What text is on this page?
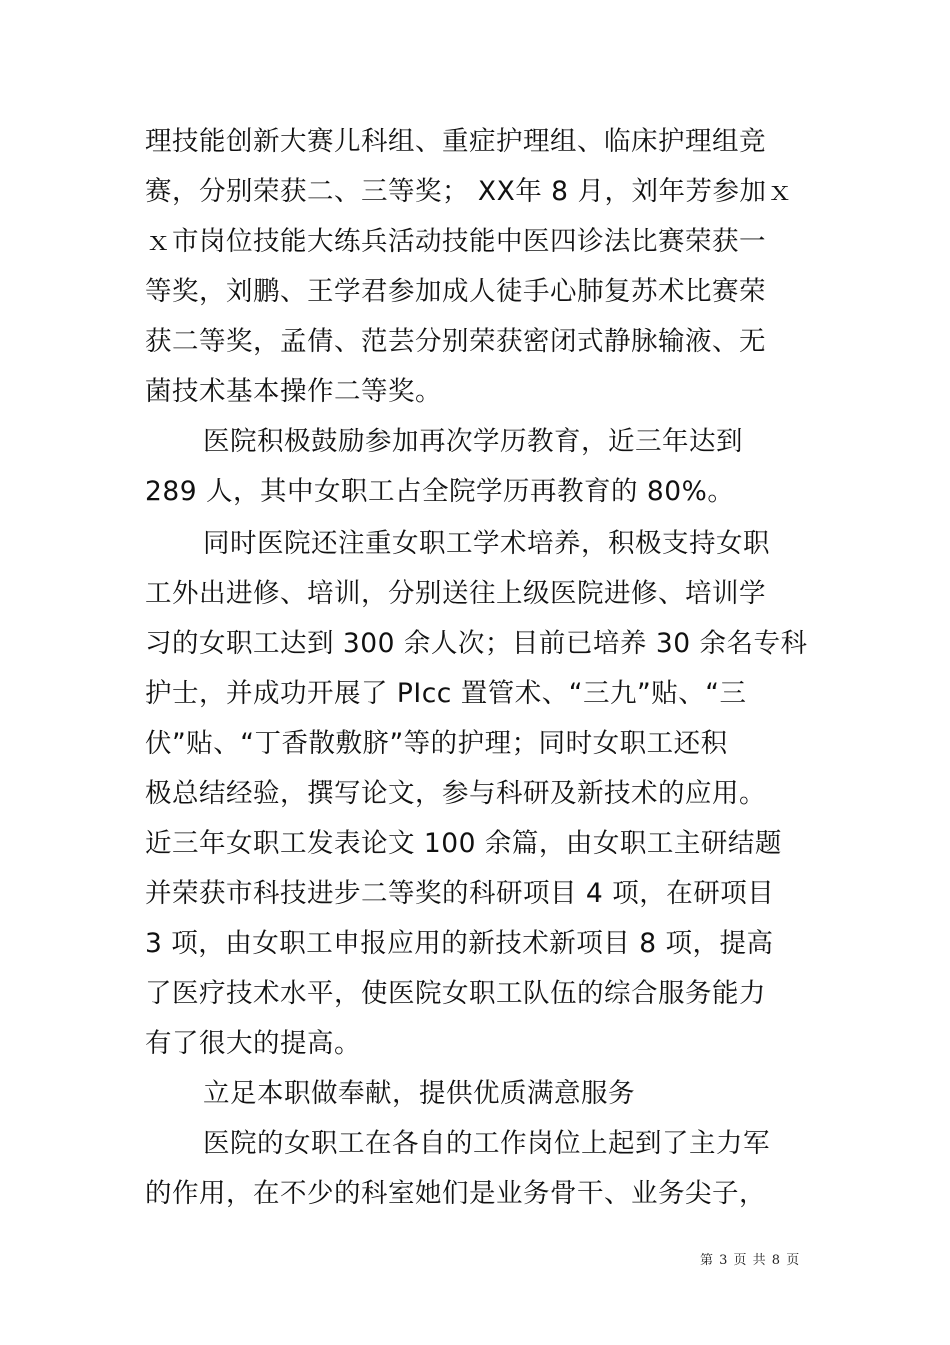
理技能创新大赛儿科组、重症护理组、临床护理组竞
赛，分别荣获二、三等奖； XX年 8 月，刘年芳参加ｘ
ｘ市岗位技能大练兵活动技能中医四诊法比赛荣获一
等奖，刘鹏、王学君参加成人徒手心肺复苏术比赛荣
获二等奖，孟倩、范芸分别荣获密闭式静脉输液、无
菌技术基本操作二等奖。
医院积极鼓励参加再次学历教育，近三年达到
289 人，其中女职工占全院学历再教育的 80%。
同时医院还注重女职工学术培养，积极支持女职
工外出进修、培训，分别送往上级医院进修、培训学
习的女职工达到 300 余人次；目前已培养 30 余名专科
护士，并成功开展了 PIcc 置管术、“三九”贴、“三
伏”贴、“丁香散敷脐”等的护理；同时女职工还积
极总结经验，撰写论文，参与科研及新技术的应用。
近三年女职工发表论文 100 余篇，由女职工主研结题
并荣获市科技进步二等奖的科研项目 4 项，在研项目
3 项，由女职工申报应用的新技术新项目 8 项，提高
了医疗技术水平，使医院女职工队伍的综合服务能力
有了很大的提高。
立足本职做奉献，提供优质满意服务
医院的女职工在各自的工作岗位上起到了主力军
的作用，在不少的科室她们是业务骨干、业务尖子，
第 3 页 共 8 页
